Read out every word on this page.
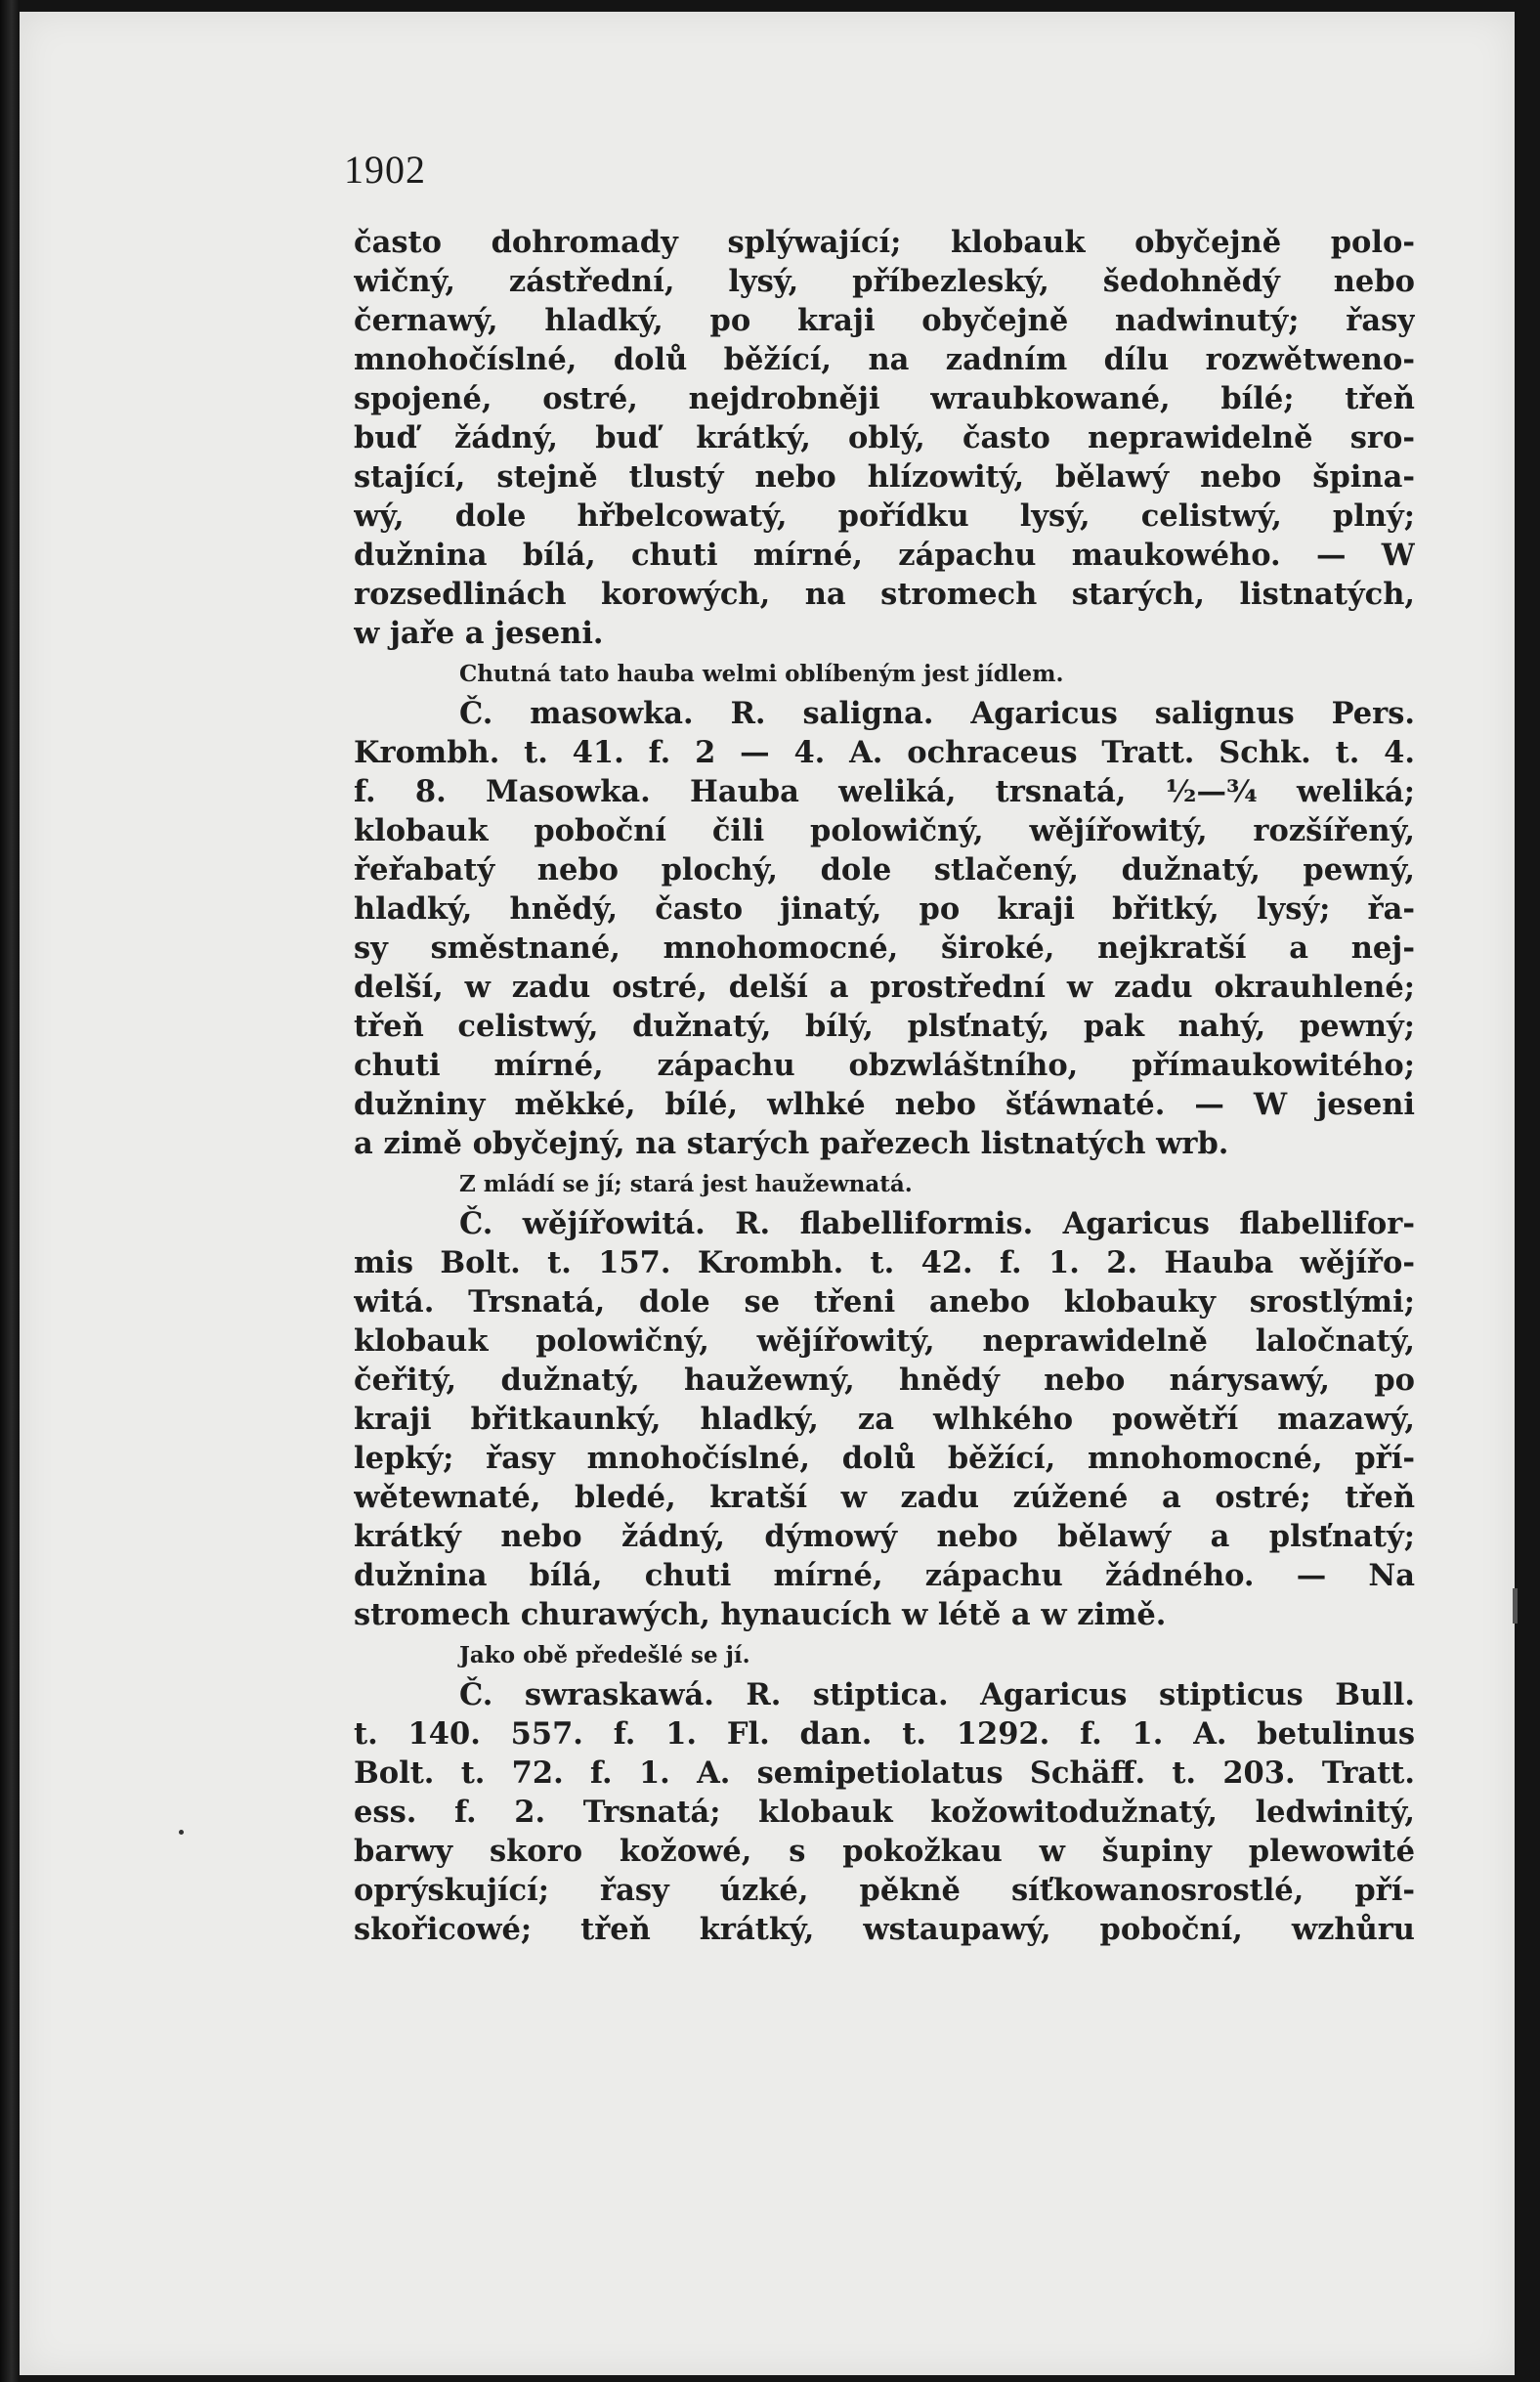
1902
často dohromady splýwající; klobauk obyčejně polo-
wičný, zástřední, lysý, příbezleský, šedohnědý nebo
černawý, hladký, po kraji obyčejně nadwinutý; řasy
mnohočíslné, dolů běžící, na zadním dílu rozwětweno-
spojené, ostré, nejdrobněji wraubkowané, bílé; třeň
buď žádný, buď krátký, oblý, často neprawidelně sro-
stající, stejně tlustý nebo hlízowitý, bělawý nebo špina-
wý, dole hřbelcowatý, pořídku lysý, celistwý, plný;
dužnina bílá, chuti mírné, zápachu maukowého. — W
rozsedlinách korowých, na stromech starých, listnatých,
w jaře a jeseni.
Chutná tato hauba welmi oblíbeným jest jídlem.
Č. masowka. R. saligna. Agaricus salignus Pers.
Krombh. t. 41. f. 2 — 4. A. ochraceus Tratt. Schk. t. 4.
f. 8. Masowka. Hauba weliká, trsnatá, ½—¾ weliká;
klobauk poboční čili polowičný, wějířowitý, rozšířený,
řeřabatý nebo plochý, dole stlačený, dužnatý, pewný,
hladký, hnědý, často jinatý, po kraji břitký, lysý; řa-
sy směstnané, mnohomocné, široké, nejkratší a nej-
delší, w zadu ostré, delší a prostřední w zadu okrauhlené;
třeň celistwý, dužnatý, bílý, plsťnatý, pak nahý, pewný;
chuti mírné, zápachu obzwláštního, přímaukowitého;
dužniny měkké, bílé, wlhké nebo šťáwnaté. — W jeseni
a zimě obyčejný, na starých pařezech listnatých wrb.
Z mládí se jí; stará jest haužewnatá.
Č. wějířowitá. R. flabelliformis. Agaricus flabellifor-
mis Bolt. t. 157. Krombh. t. 42. f. 1. 2. Hauba wějířo-
witá. Trsnatá, dole se třeni anebo klobauky srostlými;
klobauk polowičný, wějířowitý, neprawidelně laločnatý,
čeřitý, dužnatý, haužewný, hnědý nebo nárysawý, po
kraji břitkaunký, hladký, za wlhkého powětří mazawý,
lepký; řasy mnohočíslné, dolů běžící, mnohomocné, pří-
wětewnaté, bledé, kratší w zadu zúžené a ostré; třeň
krátký nebo žádný, dýmowý nebo bělawý a plsťnatý;
dužnina bílá, chuti mírné, zápachu žádného. — Na
stromech churawých, hynaucích w létě a w zimě.
Jako obě předešlé se jí.
Č. swraskawá. R. stiptica. Agaricus stipticus Bull.
t. 140. 557. f. 1. Fl. dan. t. 1292. f. 1. A. betulinus
Bolt. t. 72. f. 1. A. semipetiolatus Schäff. t. 203. Tratt.
ess. f. 2. Trsnatá; klobauk kožowitodužnatý, ledwinitý,
barwy skoro kožowé, s pokožkau w šupiny plewowité
oprýskující; řasy úzké, pěkně síťkowanosrostlé, pří-
skořicowé; třeň krátký, wstaupawý, poboční, wzhůru
